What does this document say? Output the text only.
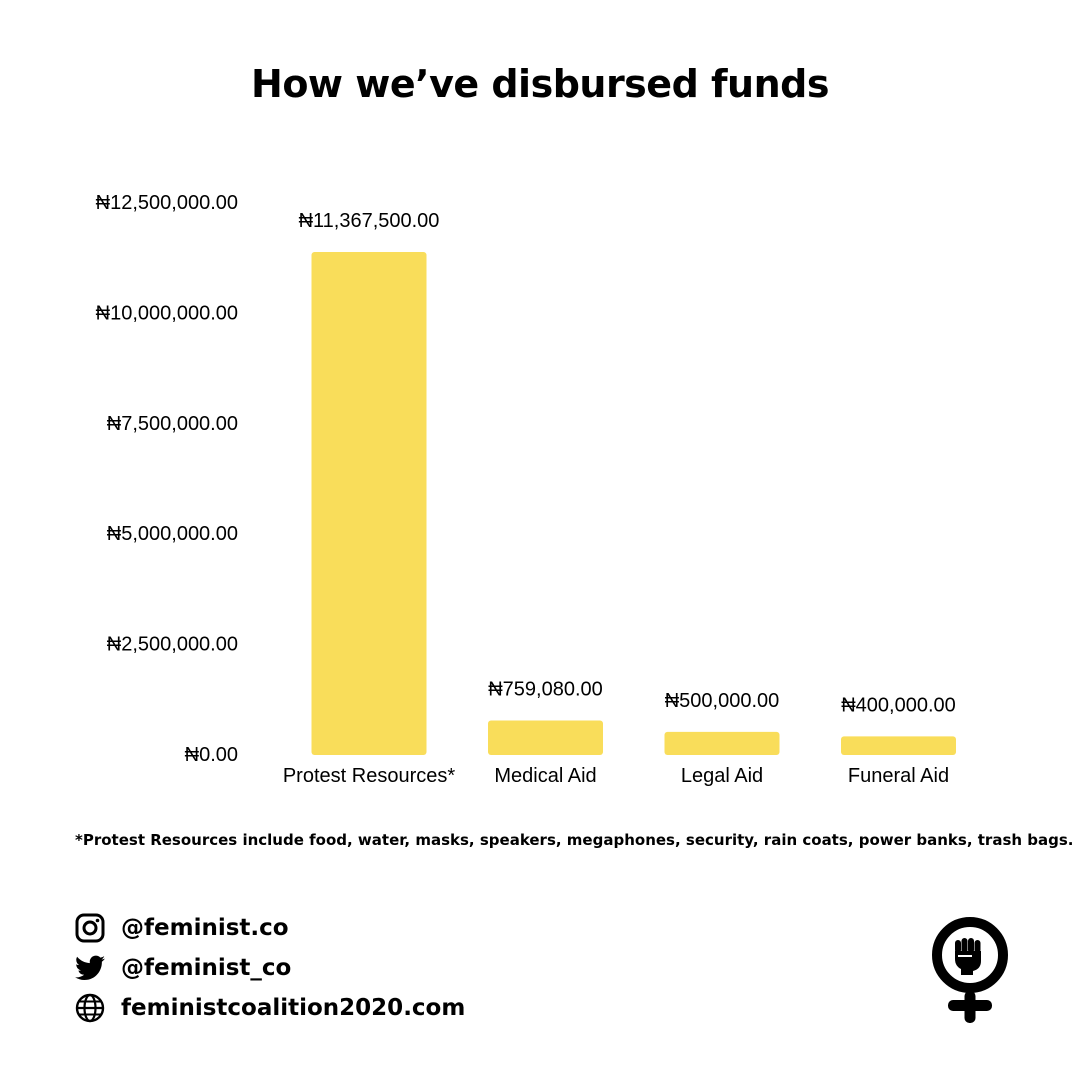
How we’ve disbursed funds
₦0.00
₦2,500,000.00
₦5,000,000.00
₦7,500,000.00
₦10,000,000.00
₦12,500,000.00
₦11,367,500.00
Protest Resources*
₦759,080.00
Medical Aid
₦500,000.00
Legal Aid
₦400,000.00
Funeral Aid
*Protest Resources include food, water, masks, speakers, megaphones, security, rain coats, power banks, trash bags.
@feminist.co
@feminist_co
feministcoalition2020.com
